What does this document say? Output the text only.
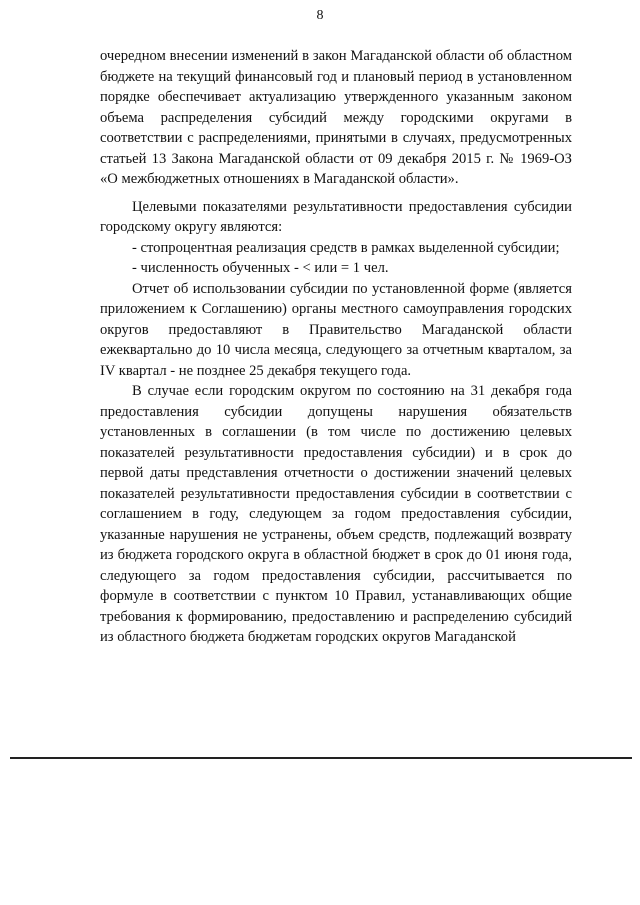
8

очередном внесении изменений в закон Магаданской области об областном бюджете на текущий финансовый год и плановый период в установленном порядке обеспечивает актуализацию утвержденного указанным законом объема распределения субсидий между городскими округами в соответствии с распределениями, принятыми в случаях, предусмотренных статьей 13 Закона Магаданской области от 09 декабря 2015 г. № 1969-ОЗ «О межбюджетных отношениях в Магаданской области».

Целевыми показателями результативности предоставления субсидии городскому округу являются:

- стопроцентная реализация средств в рамках выделенной субсидии;

- численность обученных - < или = 1 чел.

Отчет об использовании субсидии по установленной форме (является приложением к Соглашению) органы местного самоуправления городских округов предоставляют в Правительство Магаданской области ежеквартально до 10 числа месяца, следующего за отчетным кварталом, за IV квартал - не позднее 25 декабря текущего года.

В случае если городским округом по состоянию на 31 декабря года предоставления субсидии допущены нарушения обязательств установленных в соглашении (в том числе по достижению целевых показателей результативности предоставления субсидии) и в срок до первой даты представления отчетности о достижении значений целевых показателей результативности предоставления субсидии в соответствии с соглашением в году, следующем за годом предоставления субсидии, указанные нарушения не устранены, объем средств, подлежащий возврату из бюджета городского округа в областной бюджет в срок до 01 июня года, следующего за годом предоставления субсидии, рассчитывается по формуле в соответствии с пунктом 10 Правил, устанавливающих общие требования к формированию, предоставлению и распределению субсидий из областного бюджета бюджетам городских округов Магаданской
